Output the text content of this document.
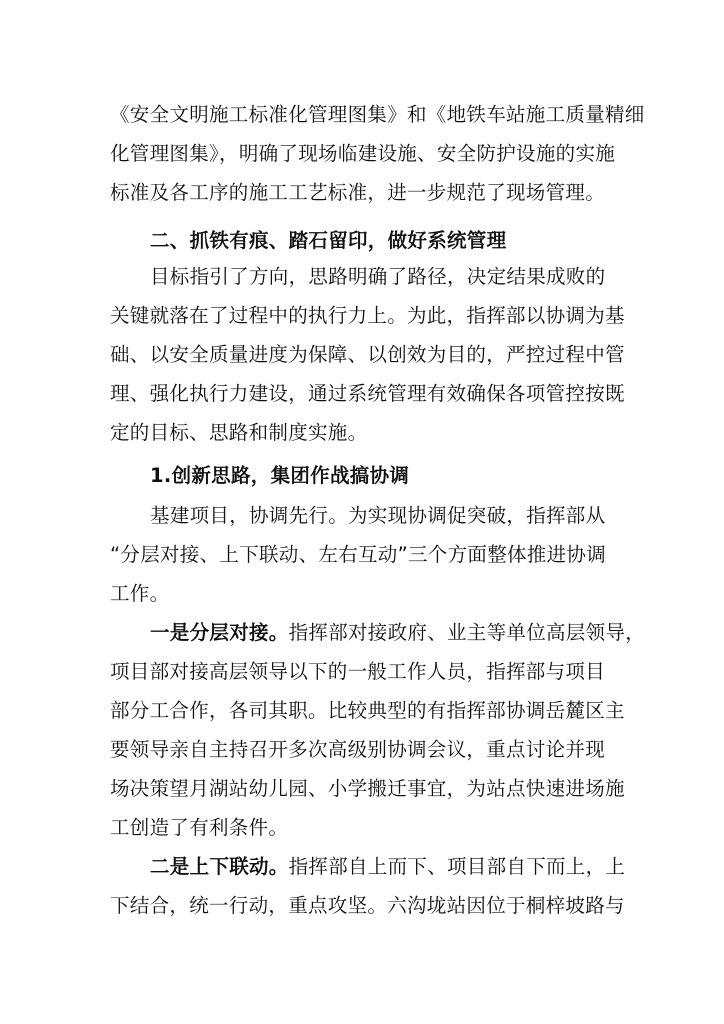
《安全文明施工标准化管理图集》和《地铁车站施工质量精细
化管理图集》，明确了现场临建设施、安全防护设施的实施
标准及各工序的施工工艺标准，进一步规范了现场管理。
二、抓铁有痕、踏石留印，做好系统管理
目标指引了方向，思路明确了路径，决定结果成败的
关键就落在了过程中的执行力上。为此，指挥部以协调为基
础、以安全质量进度为保障、以创效为目的，严控过程中管
理、强化执行力建设，通过系统管理有效确保各项管控按既
定的目标、思路和制度实施。
1.创新思路，集团作战搞协调
基建项目，协调先行。为实现协调促突破，指挥部从
“分层对接、上下联动、左右互动”三个方面整体推进协调
工作。
一是分层对接。指挥部对接政府、业主等单位高层领导，
项目部对接高层领导以下的一般工作人员，指挥部与项目
部分工合作，各司其职。比较典型的有指挥部协调岳麓区主
要领导亲自主持召开多次高级别协调会议，重点讨论并现
场决策望月湖站幼儿园、小学搬迁事宜，为站点快速进场施
工创造了有利条件。
二是上下联动。指挥部自上而下、项目部自下而上，上
下结合，统一行动，重点攻坚。六沟垅站因位于桐梓坡路与
